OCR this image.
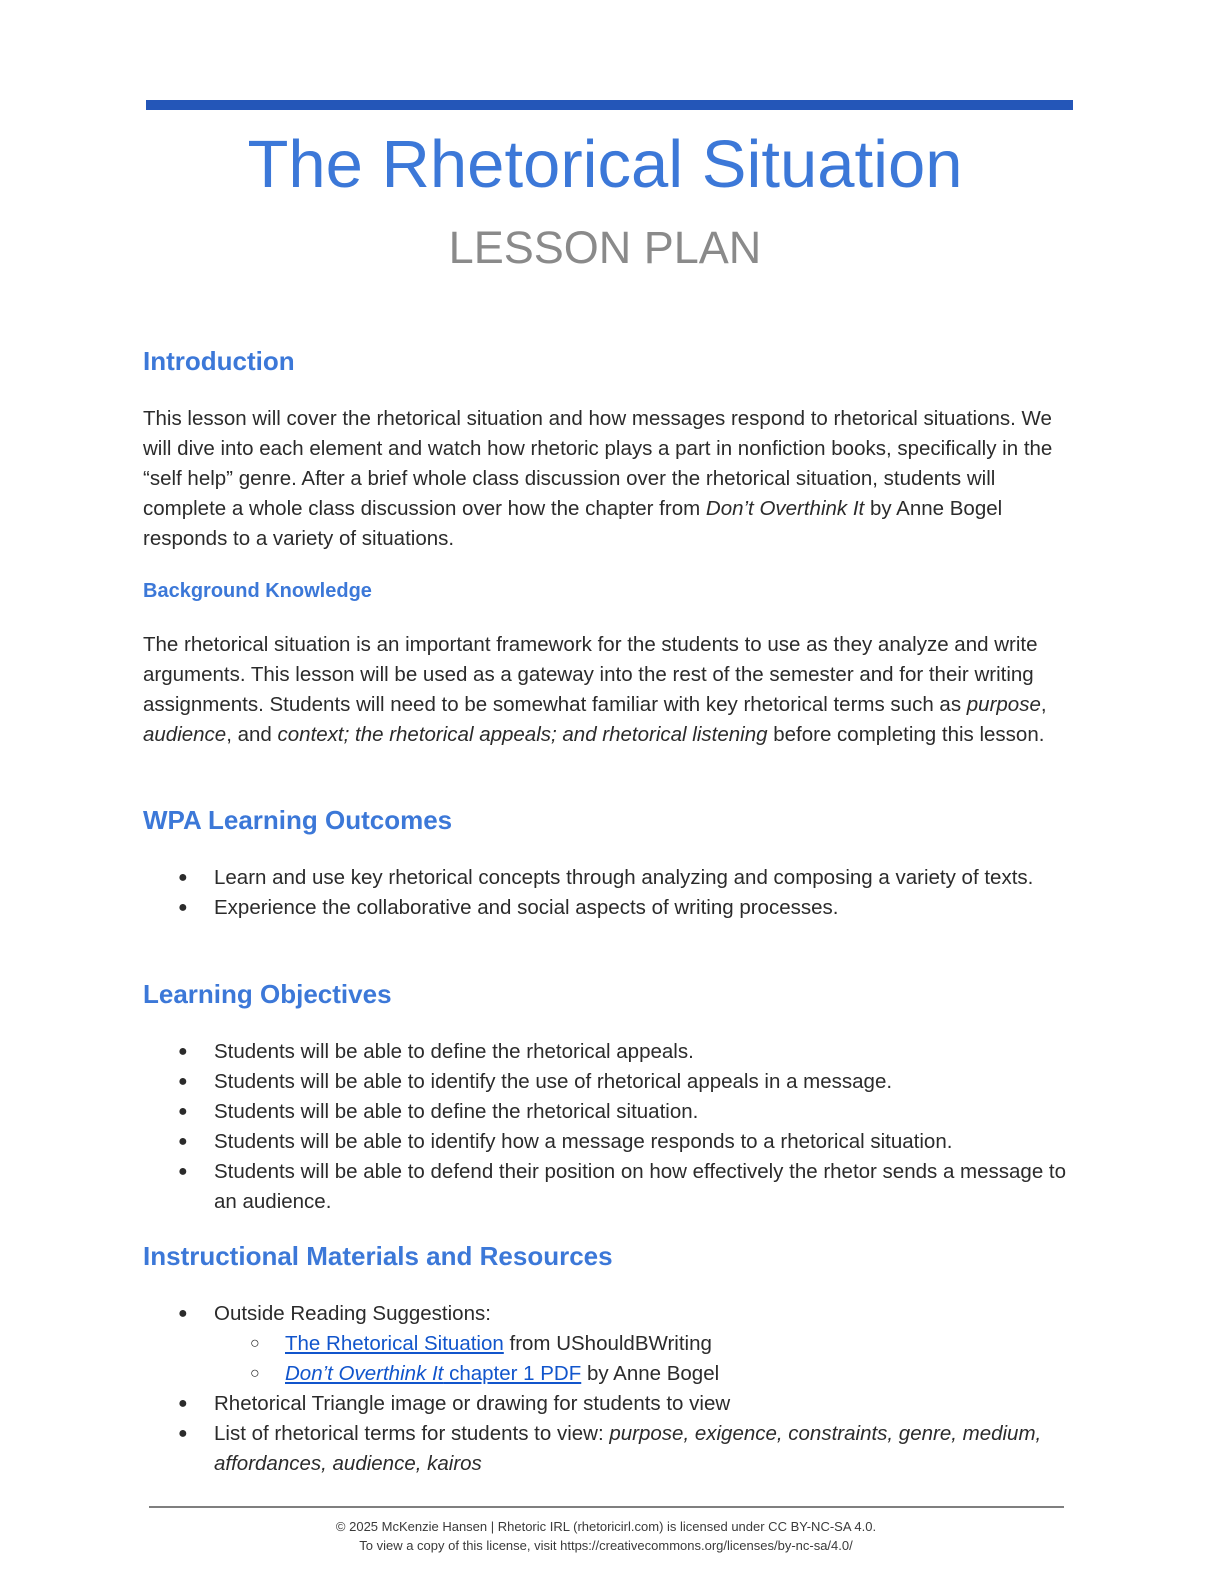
The Rhetorical Situation
LESSON PLAN
Introduction
This lesson will cover the rhetorical situation and how messages respond to rhetorical situations. We will dive into each element and watch how rhetoric plays a part in nonfiction books, specifically in the “self help” genre. After a brief whole class discussion over the rhetorical situation, students will complete a whole class discussion over how the chapter from Don’t Overthink It by Anne Bogel responds to a variety of situations.
Background Knowledge
The rhetorical situation is an important framework for the students to use as they analyze and write arguments. This lesson will be used as a gateway into the rest of the semester and for their writing assignments. Students will need to be somewhat familiar with key rhetorical terms such as purpose, audience, and context; the rhetorical appeals; and rhetorical listening before completing this lesson.
WPA Learning Outcomes
● Learn and use key rhetorical concepts through analyzing and composing a variety of texts.
● Experience the collaborative and social aspects of writing processes.
Learning Objectives
● Students will be able to define the rhetorical appeals.
● Students will be able to identify the use of rhetorical appeals in a message.
● Students will be able to define the rhetorical situation.
● Students will be able to identify how a message responds to a rhetorical situation.
● Students will be able to defend their position on how effectively the rhetor sends a message to an audience.
Instructional Materials and Resources
● Outside Reading Suggestions:
○ The Rhetorical Situation from UShouldBWriting
○ Don’t Overthink It chapter 1 PDF by Anne Bogel
● Rhetorical Triangle image or drawing for students to view
● List of rhetorical terms for students to view: purpose, exigence, constraints, genre, medium, affordances, audience, kairos
© 2025 McKenzie Hansen | Rhetoric IRL (rhetoricirl.com) is licensed under CC BY-NC-SA 4.0.
To view a copy of this license, visit https://creativecommons.org/licenses/by-nc-sa/4.0/
